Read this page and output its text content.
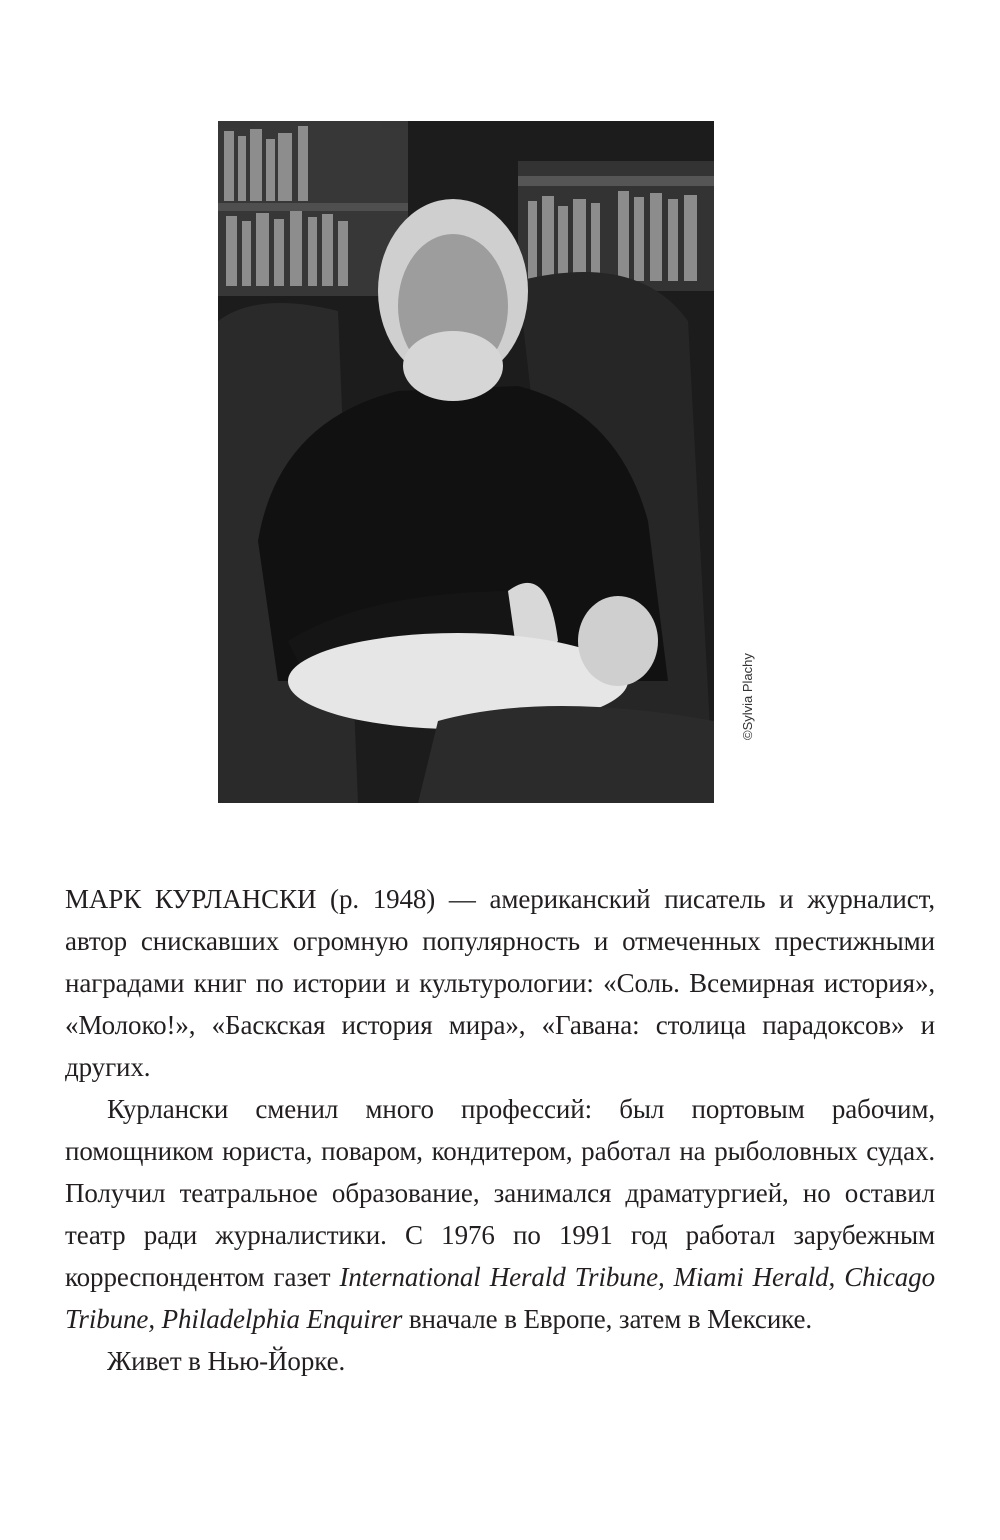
©Sylvia Plachy

МАРК КУРЛАНСКИ (р. 1948) — американский писатель и журналист, автор снискавших огромную популярность и отмеченных престижными наградами книг по истории и культурологии: «Соль. Всемирная история», «Молоко!», «Баскская история мира», «Гавана: столица парадоксов» и других.

Курлански сменил много профессий: был портовым рабочим, помощником юриста, поваром, кондитером, работал на рыболовных судах. Получил театральное образование, занимался драматургией, но оставил театр ради журналистики. С 1976 по 1991 год работал зарубежным корреспондентом газет International Herald Tribune, Miami Herald, Chicago Tribune, Philadelphia Enquirer вначале в Европе, затем в Мексике.

Живет в Нью-Йорке.
